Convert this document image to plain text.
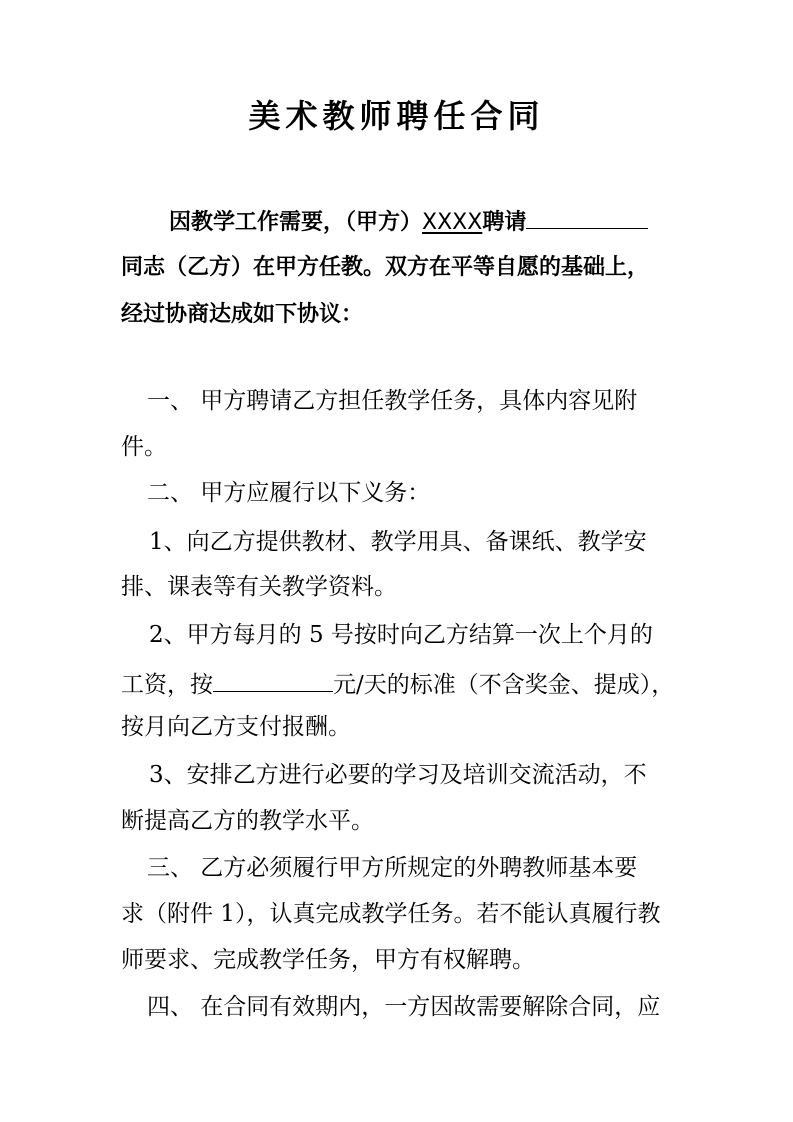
美术教师聘任合同
因教学工作需要，（甲方）XXXX聘请
同志（乙方）在甲方任教。双方在平等自愿的基础上，
经过协商达成如下协议：
一、 甲方聘请乙方担任教学任务，具体内容见附
件。
二、 甲方应履行以下义务：
1、向乙方提供教材、教学用具、备课纸、教学安
排、课表等有关教学资料。
2、甲方每月的 5 号按时向乙方结算一次上个月的
工资，按	元/天的标准（不含奖金、提成），
按月向乙方支付报酬。
3、安排乙方进行必要的学习及培训交流活动，不
断提高乙方的教学水平。
三、 乙方必须履行甲方所规定的外聘教师基本要
求（附件 1），认真完成教学任务。若不能认真履行教
师要求、完成教学任务，甲方有权解聘。
四、 在合同有效期内，一方因故需要解除合同，应
